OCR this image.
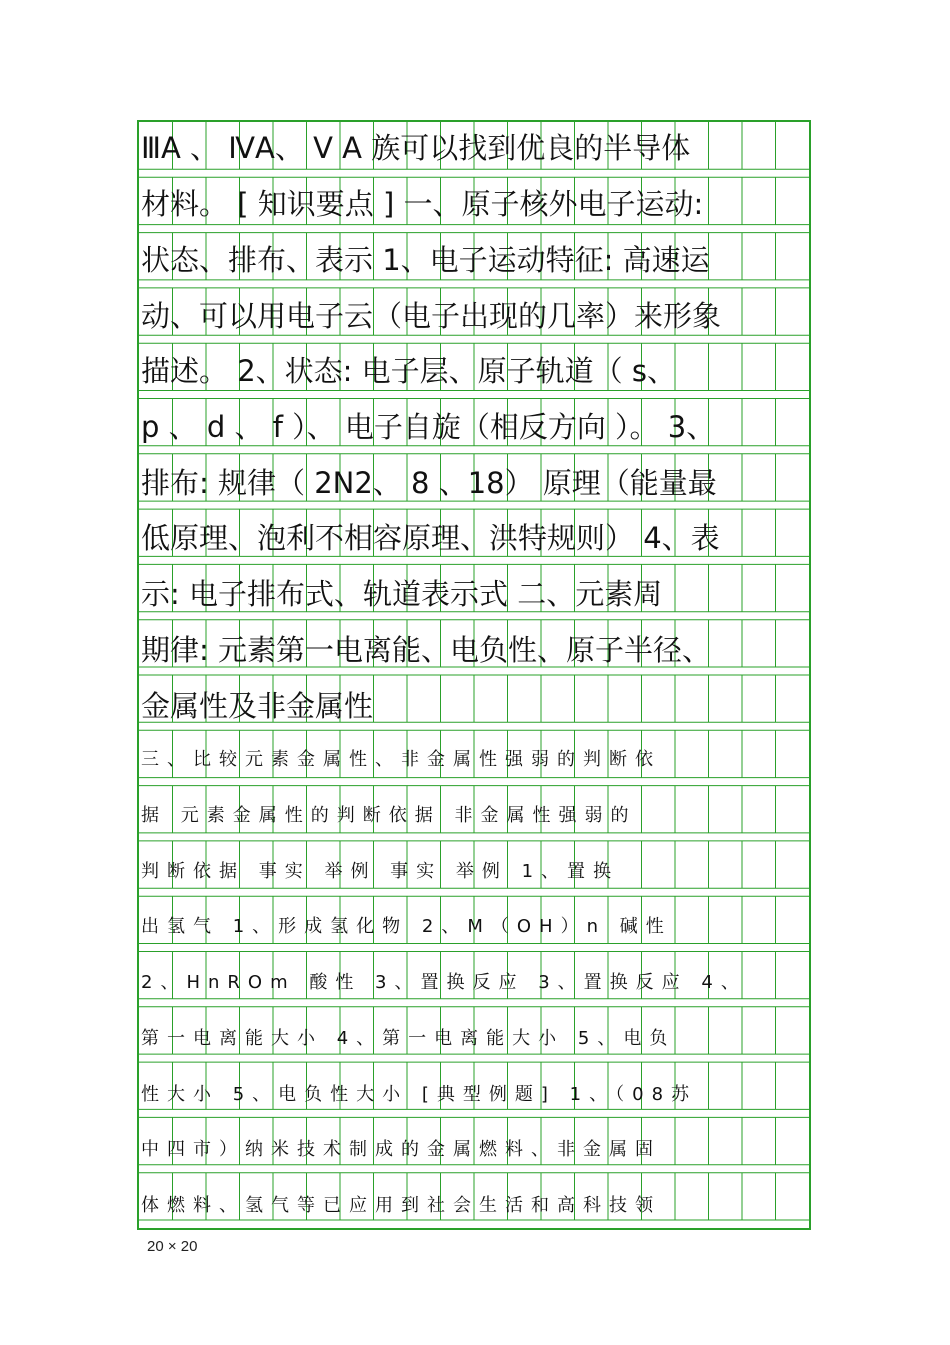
ⅢA 、 ⅣA、 Ⅴ A 族可以找到优良的半导体
材料。 [ 知识要点 ] 一、原子核外电子运动:
状态、排布、表示 1、电子运动特征: 高速运
动、可以用电子云（电子出现的几率）来形象
描述。 2、状态: 电子层、原子轨道（ s、
p 、 d 、 f ）、 电子自旋（相反方向 ）。 3、
排布: 规律（ 2N2、 8 、18） 原理（能量最
低原理、泡利不相容原理、洪特规则） 4、表
示: 电子排布式、轨道表示式 二、元素周
期律: 元素第一电离能、电负性、原子半径、
金属性及非金属性
三、比较元素金属性、非金属性强弱的判断依
据 元素金属性的判断依据 非金属性强弱的
判断依据 事实 举例 事实 举例 1、置换
出氢气 1、形成氢化物 2、M（OH）n 碱性
2、HnROm 酸性 3、置换反应 3、置换反应 4、
第一电离能大小 4、第一电离能大小 5、电负
性大小 5、电负性大小 [典型例题] 1、（08苏
中四市）纳米技术制成的金属燃料、非金属固
体燃料、氢气等已应用到社会生活和高科技领
20 × 20
